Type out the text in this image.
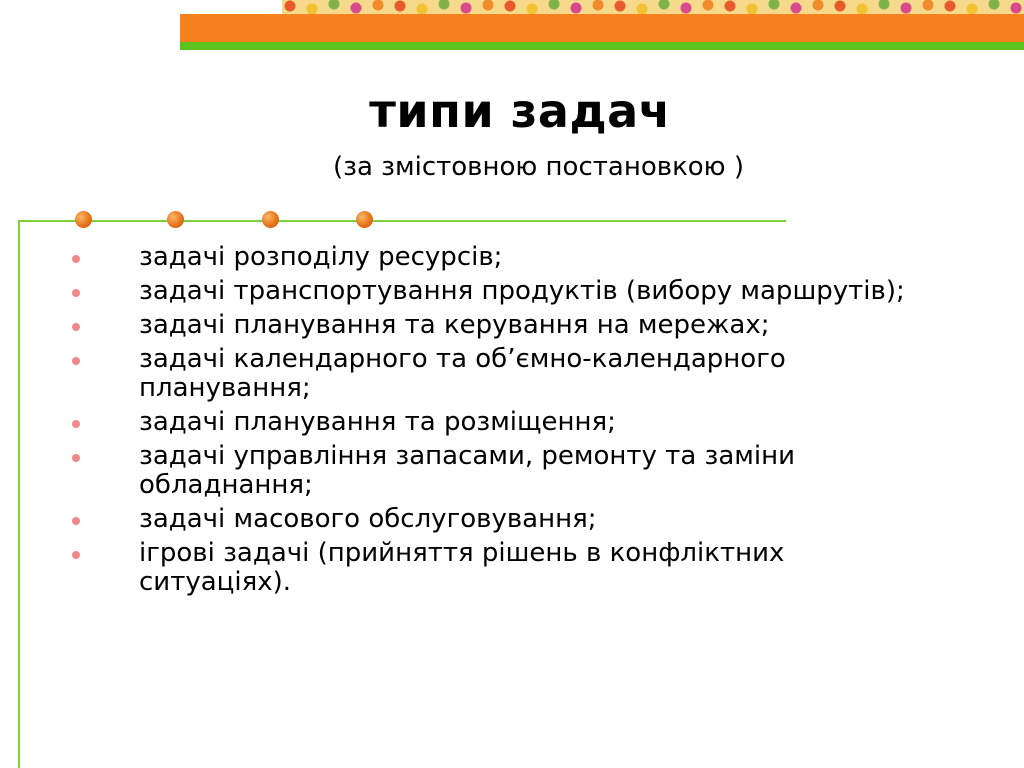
типи задач
(за змістовною постановкою )
задачі розподілу ресурсів;
задачі транспортування продуктів (вибору маршрутів);
задачі планування та керування на мережах;
задачі календарного та об’ємно-календарного планування;
задачі планування та розміщення;
задачі управління запасами, ремонту та заміни обладнання;
задачі масового обслуговування;
ігрові задачі (прийняття рішень в конфліктних ситуаціях).
